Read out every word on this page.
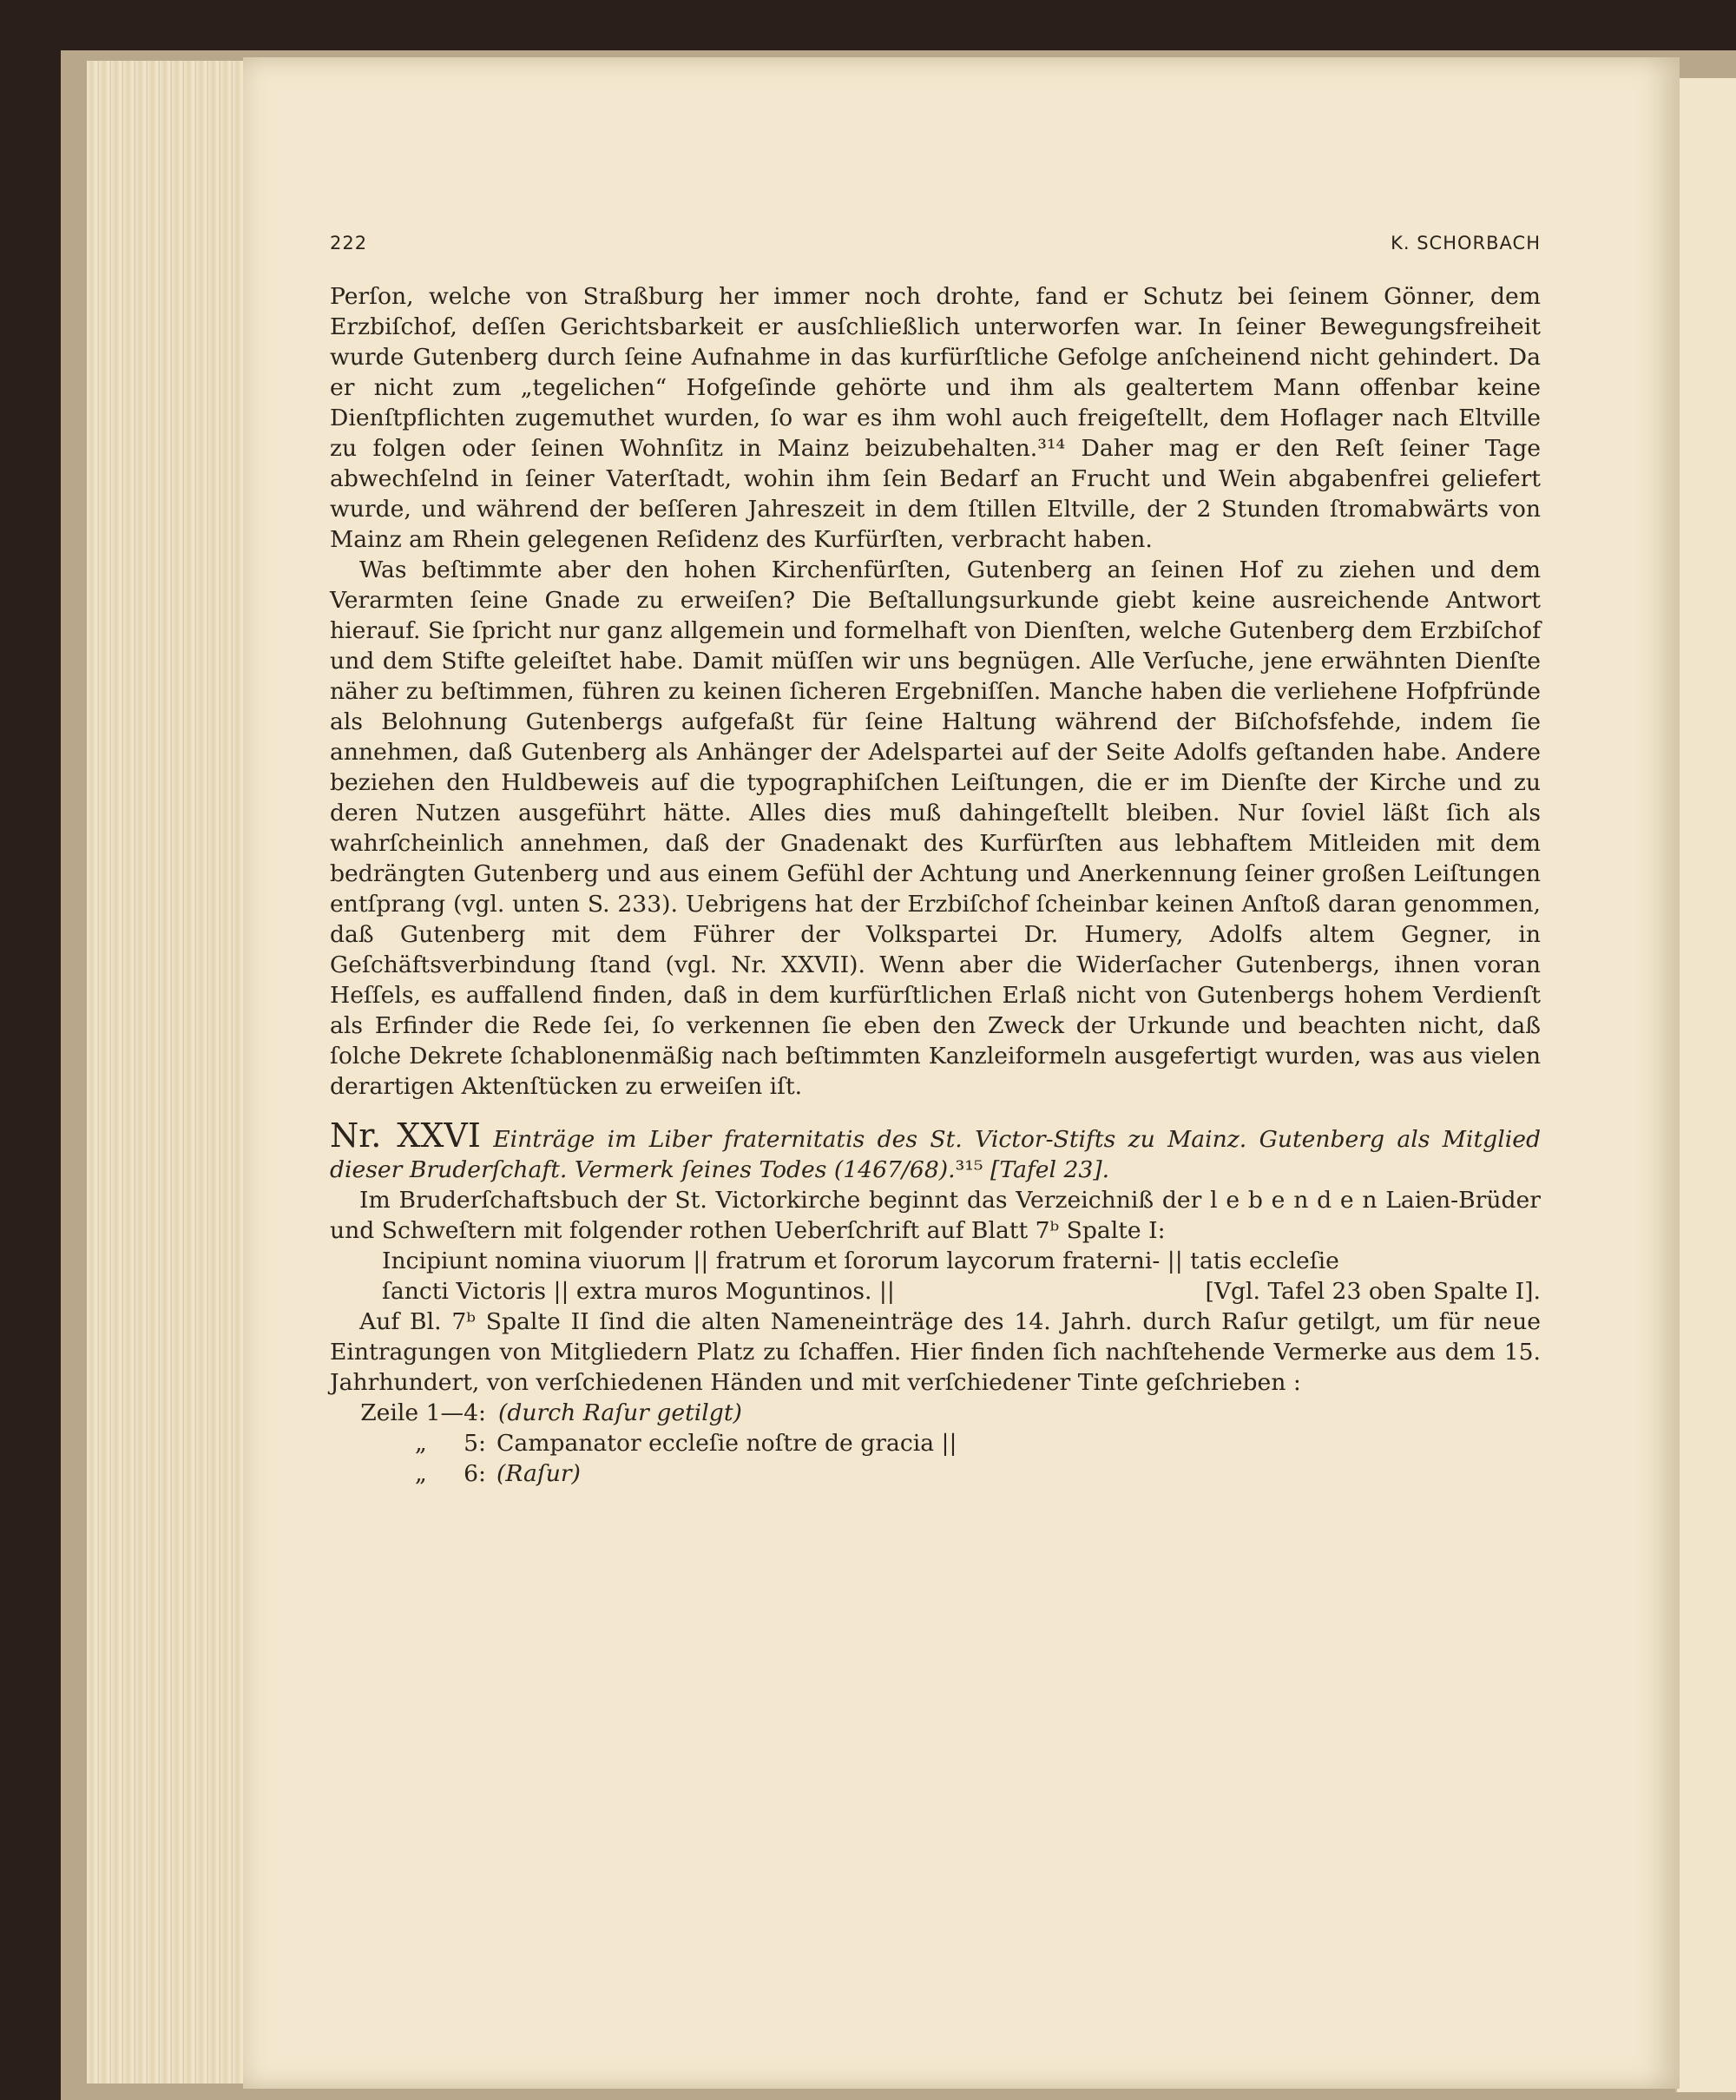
222	K. SCHORBACH

Perſon, welche von Straßburg her immer noch drohte, fand er Schutz bei ſeinem Gönner, dem Erzbiſchof, deſſen Gerichtsbarkeit er ausſchließlich unterworfen war. In ſeiner Bewegungsfreiheit wurde Gutenberg durch ſeine Aufnahme in das kurfürſtliche Gefolge anſcheinend nicht gehindert. Da er nicht zum „tegelichen“ Hofgeſinde gehörte und ihm als gealtertem Mann offenbar keine Dienſtpflichten zugemuthet wurden, ſo war es ihm wohl auch freigeſtellt, dem Hoflager nach Eltville zu folgen oder ſeinen Wohnſitz in Mainz beizubehalten.³¹⁴ Daher mag er den Reſt ſeiner Tage abwechſelnd in ſeiner Vaterſtadt, wohin ihm ſein Bedarf an Frucht und Wein abgabenfrei geliefert wurde, und während der beſſeren Jahreszeit in dem ſtillen Eltville, der 2 Stunden ſtromabwärts von Mainz am Rhein gelegenen Reſidenz des Kurfürſten, verbracht haben.

Was beſtimmte aber den hohen Kirchenfürſten, Gutenberg an ſeinen Hof zu ziehen und dem Verarmten ſeine Gnade zu erweiſen? Die Beſtallungsurkunde giebt keine ausreichende Antwort hierauf. Sie ſpricht nur ganz allgemein und formelhaft von Dienſten, welche Gutenberg dem Erzbiſchof und dem Stifte geleiſtet habe. Damit müſſen wir uns begnügen. Alle Verſuche, jene erwähnten Dienſte näher zu beſtimmen, führen zu keinen ſicheren Ergebniſſen. Manche haben die verliehene Hofpfründe als Belohnung Gutenbergs aufgefaßt für ſeine Haltung während der Biſchofsfehde, indem ſie annehmen, daß Gutenberg als Anhänger der Adelspartei auf der Seite Adolfs geſtanden habe. Andere beziehen den Huldbeweis auf die typographiſchen Leiſtungen, die er im Dienſte der Kirche und zu deren Nutzen ausgeführt hätte. Alles dies muß dahingeſtellt bleiben. Nur ſoviel läßt ſich als wahrſcheinlich annehmen, daß der Gnadenakt des Kurfürſten aus lebhaftem Mitleiden mit dem bedrängten Gutenberg und aus einem Gefühl der Achtung und Anerkennung ſeiner großen Leiſtungen entſprang (vgl. unten S. 233). Uebrigens hat der Erzbiſchof ſcheinbar keinen Anſtoß daran genommen, daß Gutenberg mit dem Führer der Volkspartei Dr. Humery, Adolfs altem Gegner, in Geſchäftsverbindung ſtand (vgl. Nr. XXVII). Wenn aber die Widerſacher Gutenbergs, ihnen voran Heſſels, es auffallend finden, daß in dem kurfürſtlichen Erlaß nicht von Gutenbergs hohem Verdienſt als Erfinder die Rede ſei, ſo verkennen ſie eben den Zweck der Urkunde und beachten nicht, daß ſolche Dekrete ſchablonenmäßig nach beſtimmten Kanzleiformeln ausgefertigt wurden, was aus vielen derartigen Aktenſtücken zu erweiſen iſt.

Nr. XXVI Einträge im Liber fraternitatis des St. Victor-Stifts zu Mainz. Gutenberg als Mitglied dieser Bruderſchaft. Vermerk ſeines Todes (1467/68).³¹⁵ [Tafel 23].

Im Bruderſchaftsbuch der St. Victorkirche beginnt das Verzeichniß der l e b e n d e n Laien-Brüder und Schweſtern mit folgender rothen Ueberſchrift auf Blatt 7ᵇ Spalte I:

Incipiunt nomina viuorum || fratrum et ſororum laycorum fraterni- || tatis eccleſie
ſancti Victoris || extra muros Moguntinos. ||	[Vgl. Tafel 23 oben Spalte I].

Auf Bl. 7ᵇ Spalte II ſind die alten Nameneinträge des 14. Jahrh. durch Raſur getilgt, um für neue Eintragungen von Mitgliedern Platz zu ſchaffen. Hier finden ſich nachſtehende Vermerke aus dem 15. Jahrhundert, von verſchiedenen Händen und mit verſchiedener Tinte geſchrieben :

Zeile 1—4: (durch Raſur getilgt)
„	5: Campanator eccleſie noſtre de gracia ||
„	6: (Raſur)
